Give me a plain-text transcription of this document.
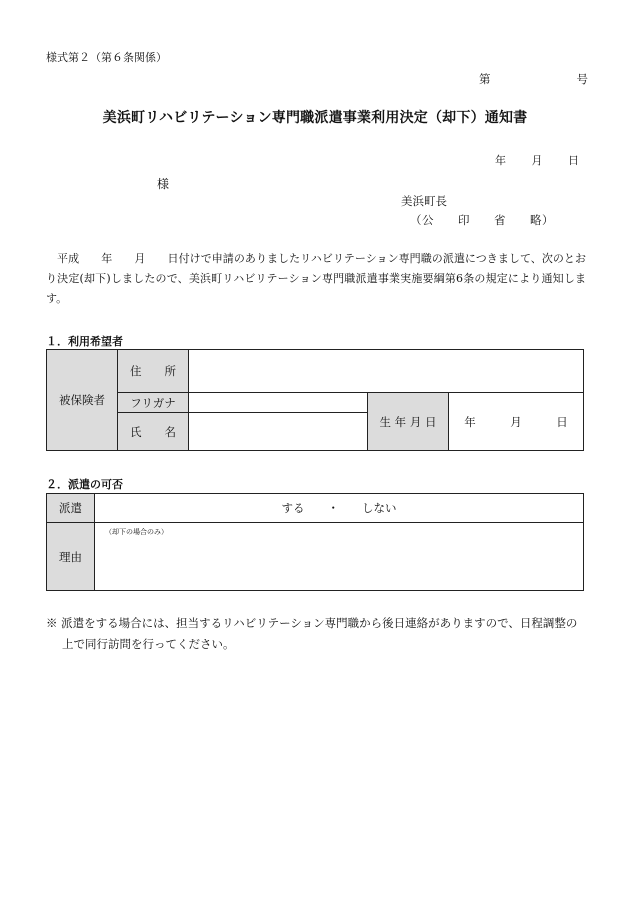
様式第２（第６条関係）
第	号
美浜町リハビリテーション専門職派遣事業利用決定（却下）通知書
年 月 日
様
美浜町長
（公　　印　　省　　略）
　平成　　年　　月　　日付けで申請のありましたリハビリテーション専門職の派遣につきまして、次のとおり決定(却下)しましたので、美浜町リハビリテーション専門職派遣事業実施要綱第6条の規定により通知します。
１．利用希望者
被保険者	住　　所			
	フリガナ		生 年 月 日	年　　　月　　　日
	氏　　名			
２．派遣の可否
派遣	する　　・　　しない
理由	（却下の場合のみ）
※ 派遣をする場合には、担当するリハビリテーション専門職から後日連絡がありますので、日程調整の上で同行訪問を行ってください。
